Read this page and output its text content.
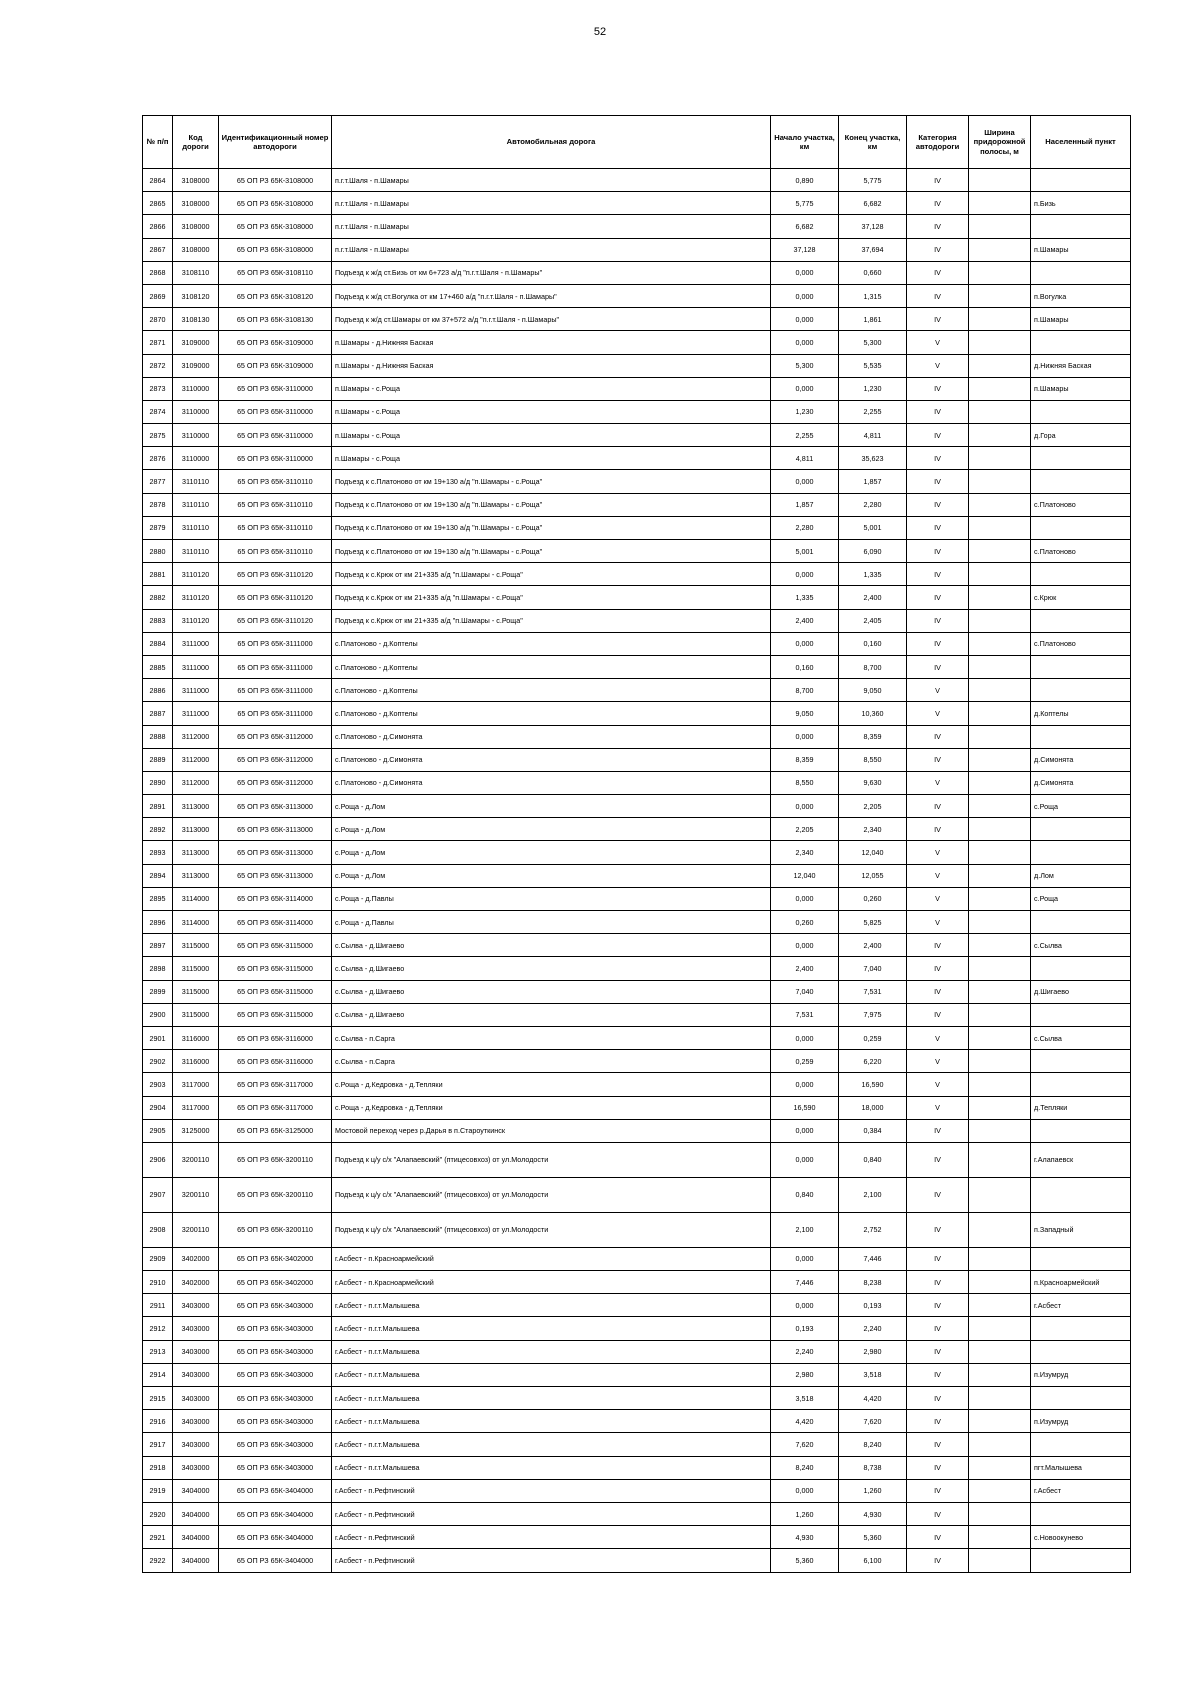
52
№ п/п	Код дороги	Идентификационный номер автодороги	Автомобильная дорога	Начало участка, км	Конец участка, км	Категория автодороги	Ширина придорожной полосы, м	Населенный пункт
2864	3108000	65 ОП РЗ 65К-3108000	п.г.т.Шаля - п.Шамары	0,890	5,775	IV		
2865	3108000	65 ОП РЗ 65К-3108000	п.г.т.Шаля - п.Шамары	5,775	6,682	IV		п.Бизь
2866	3108000	65 ОП РЗ 65К-3108000	п.г.т.Шаля - п.Шамары	6,682	37,128	IV		
2867	3108000	65 ОП РЗ 65К-3108000	п.г.т.Шаля - п.Шамары	37,128	37,694	IV		п.Шамары
2868	3108110	65 ОП РЗ 65К-3108110	Подъезд к ж/д ст.Бизь от км 6+723 а/д "п.г.т.Шаля - п.Шамары"	0,000	0,660	IV		
2869	3108120	65 ОП РЗ 65К-3108120	Подъезд к ж/д ст.Вогулка от км 17+460 а/д "п.г.т.Шаля - п.Шамары"	0,000	1,315	IV		п.Вогулка
2870	3108130	65 ОП РЗ 65К-3108130	Подъезд к ж/д ст.Шамары от км 37+572 а/д "п.г.т.Шаля - п.Шамары"	0,000	1,861	IV		п.Шамары
2871	3109000	65 ОП РЗ 65К-3109000	п.Шамары - д.Нижняя Баская	0,000	5,300	V		
2872	3109000	65 ОП РЗ 65К-3109000	п.Шамары - д.Нижняя Баская	5,300	5,535	V		д.Нижняя Баская
2873	3110000	65 ОП РЗ 65К-3110000	п.Шамары - с.Роща	0,000	1,230	IV		п.Шамары
2874	3110000	65 ОП РЗ 65К-3110000	п.Шамары - с.Роща	1,230	2,255	IV		
2875	3110000	65 ОП РЗ 65К-3110000	п.Шамары - с.Роща	2,255	4,811	IV		д.Гора
2876	3110000	65 ОП РЗ 65К-3110000	п.Шамары - с.Роща	4,811	35,623	IV		
2877	3110110	65 ОП РЗ 65К-3110110	Подъезд к с.Платоново от км 19+130 а/д "п.Шамары - с.Роща"	0,000	1,857	IV		
2878	3110110	65 ОП РЗ 65К-3110110	Подъезд к с.Платоново от км 19+130 а/д "п.Шамары - с.Роща"	1,857	2,280	IV		с.Платоново
2879	3110110	65 ОП РЗ 65К-3110110	Подъезд к с.Платоново от км 19+130 а/д "п.Шамары - с.Роща"	2,280	5,001	IV		
2880	3110110	65 ОП РЗ 65К-3110110	Подъезд к с.Платоново от км 19+130 а/д "п.Шамары - с.Роща"	5,001	6,090	IV		с.Платоново
2881	3110120	65 ОП РЗ 65К-3110120	Подъезд к с.Крюк от км 21+335 а/д "п.Шамары - с.Роща"	0,000	1,335	IV		
2882	3110120	65 ОП РЗ 65К-3110120	Подъезд к с.Крюк от км 21+335 а/д "п.Шамары - с.Роща"	1,335	2,400	IV		с.Крюк
2883	3110120	65 ОП РЗ 65К-3110120	Подъезд к с.Крюк от км 21+335 а/д "п.Шамары - с.Роща"	2,400	2,405	IV		
2884	3111000	65 ОП РЗ 65К-3111000	с.Платоново - д.Коптелы	0,000	0,160	IV		с.Платоново
2885	3111000	65 ОП РЗ 65К-3111000	с.Платоново - д.Коптелы	0,160	8,700	IV		
2886	3111000	65 ОП РЗ 65К-3111000	с.Платоново - д.Коптелы	8,700	9,050	V		
2887	3111000	65 ОП РЗ 65К-3111000	с.Платоново - д.Коптелы	9,050	10,360	V		д.Коптелы
2888	3112000	65 ОП РЗ 65К-3112000	с.Платоново - д.Симонята	0,000	8,359	IV		
2889	3112000	65 ОП РЗ 65К-3112000	с.Платоново - д.Симонята	8,359	8,550	IV		д.Симонята
2890	3112000	65 ОП РЗ 65К-3112000	с.Платоново - д.Симонята	8,550	9,630	V		д.Симонята
2891	3113000	65 ОП РЗ 65К-3113000	с.Роща - д.Лом	0,000	2,205	IV		с.Роща
2892	3113000	65 ОП РЗ 65К-3113000	с.Роща - д.Лом	2,205	2,340	IV		
2893	3113000	65 ОП РЗ 65К-3113000	с.Роща - д.Лом	2,340	12,040	V		
2894	3113000	65 ОП РЗ 65К-3113000	с.Роща - д.Лом	12,040	12,055	V		д.Лом
2895	3114000	65 ОП РЗ 65К-3114000	с.Роща - д.Павлы	0,000	0,260	V		с.Роща
2896	3114000	65 ОП РЗ 65К-3114000	с.Роща - д.Павлы	0,260	5,825	V		
2897	3115000	65 ОП РЗ 65К-3115000	с.Сылва - д.Шигаево	0,000	2,400	IV		с.Сылва
2898	3115000	65 ОП РЗ 65К-3115000	с.Сылва - д.Шигаево	2,400	7,040	IV		
2899	3115000	65 ОП РЗ 65К-3115000	с.Сылва - д.Шигаево	7,040	7,531	IV		д.Шигаево
2900	3115000	65 ОП РЗ 65К-3115000	с.Сылва - д.Шигаево	7,531	7,975	IV		
2901	3116000	65 ОП РЗ 65К-3116000	с.Сылва - п.Сарга	0,000	0,259	V		с.Сылва
2902	3116000	65 ОП РЗ 65К-3116000	с.Сылва - п.Сарга	0,259	6,220	V		
2903	3117000	65 ОП РЗ 65К-3117000	с.Роща - д.Кедровка - д.Тепляки	0,000	16,590	V		
2904	3117000	65 ОП РЗ 65К-3117000	с.Роща - д.Кедровка - д.Тепляки	16,590	18,000	V		д.Тепляки
2905	3125000	65 ОП РЗ 65К-3125000	Мостовой переход через р.Дарья в п.Староуткинск	0,000	0,384	IV		
2906	3200110	65 ОП РЗ 65К-3200110	Подъезд к ц/у с/х "Алапаевский" (птицесовхоз) от ул.Молодости	0,000	0,840	IV		г.Алапаевск
2907	3200110	65 ОП РЗ 65К-3200110	Подъезд к ц/у с/х "Алапаевский" (птицесовхоз) от ул.Молодости	0,840	2,100	IV		
2908	3200110	65 ОП РЗ 65К-3200110	Подъезд к ц/у с/х "Алапаевский" (птицесовхоз) от ул.Молодости	2,100	2,752	IV		п.Западный
2909	3402000	65 ОП РЗ 65К-3402000	г.Асбест - п.Красноармейский	0,000	7,446	IV		
2910	3402000	65 ОП РЗ 65К-3402000	г.Асбест - п.Красноармейский	7,446	8,238	IV		п.Красноармейский
2911	3403000	65 ОП РЗ 65К-3403000	г.Асбест - п.г.т.Малышева	0,000	0,193	IV		г.Асбест
2912	3403000	65 ОП РЗ 65К-3403000	г.Асбест - п.г.т.Малышева	0,193	2,240	IV		
2913	3403000	65 ОП РЗ 65К-3403000	г.Асбест - п.г.т.Малышева	2,240	2,980	IV		
2914	3403000	65 ОП РЗ 65К-3403000	г.Асбест - п.г.т.Малышева	2,980	3,518	IV		п.Изумруд
2915	3403000	65 ОП РЗ 65К-3403000	г.Асбест - п.г.т.Малышева	3,518	4,420	IV		
2916	3403000	65 ОП РЗ 65К-3403000	г.Асбест - п.г.т.Малышева	4,420	7,620	IV		п.Изумруд
2917	3403000	65 ОП РЗ 65К-3403000	г.Асбест - п.г.т.Малышева	7,620	8,240	IV		
2918	3403000	65 ОП РЗ 65К-3403000	г.Асбест - п.г.т.Малышева	8,240	8,738	IV		пгт.Малышева
2919	3404000	65 ОП РЗ 65К-3404000	г.Асбест - п.Рефтинский	0,000	1,260	IV		г.Асбест
2920	3404000	65 ОП РЗ 65К-3404000	г.Асбест - п.Рефтинский	1,260	4,930	IV		
2921	3404000	65 ОП РЗ 65К-3404000	г.Асбест - п.Рефтинский	4,930	5,360	IV		с.Новоокунево
2922	3404000	65 ОП РЗ 65К-3404000	г.Асбест - п.Рефтинский	5,360	6,100	IV		
